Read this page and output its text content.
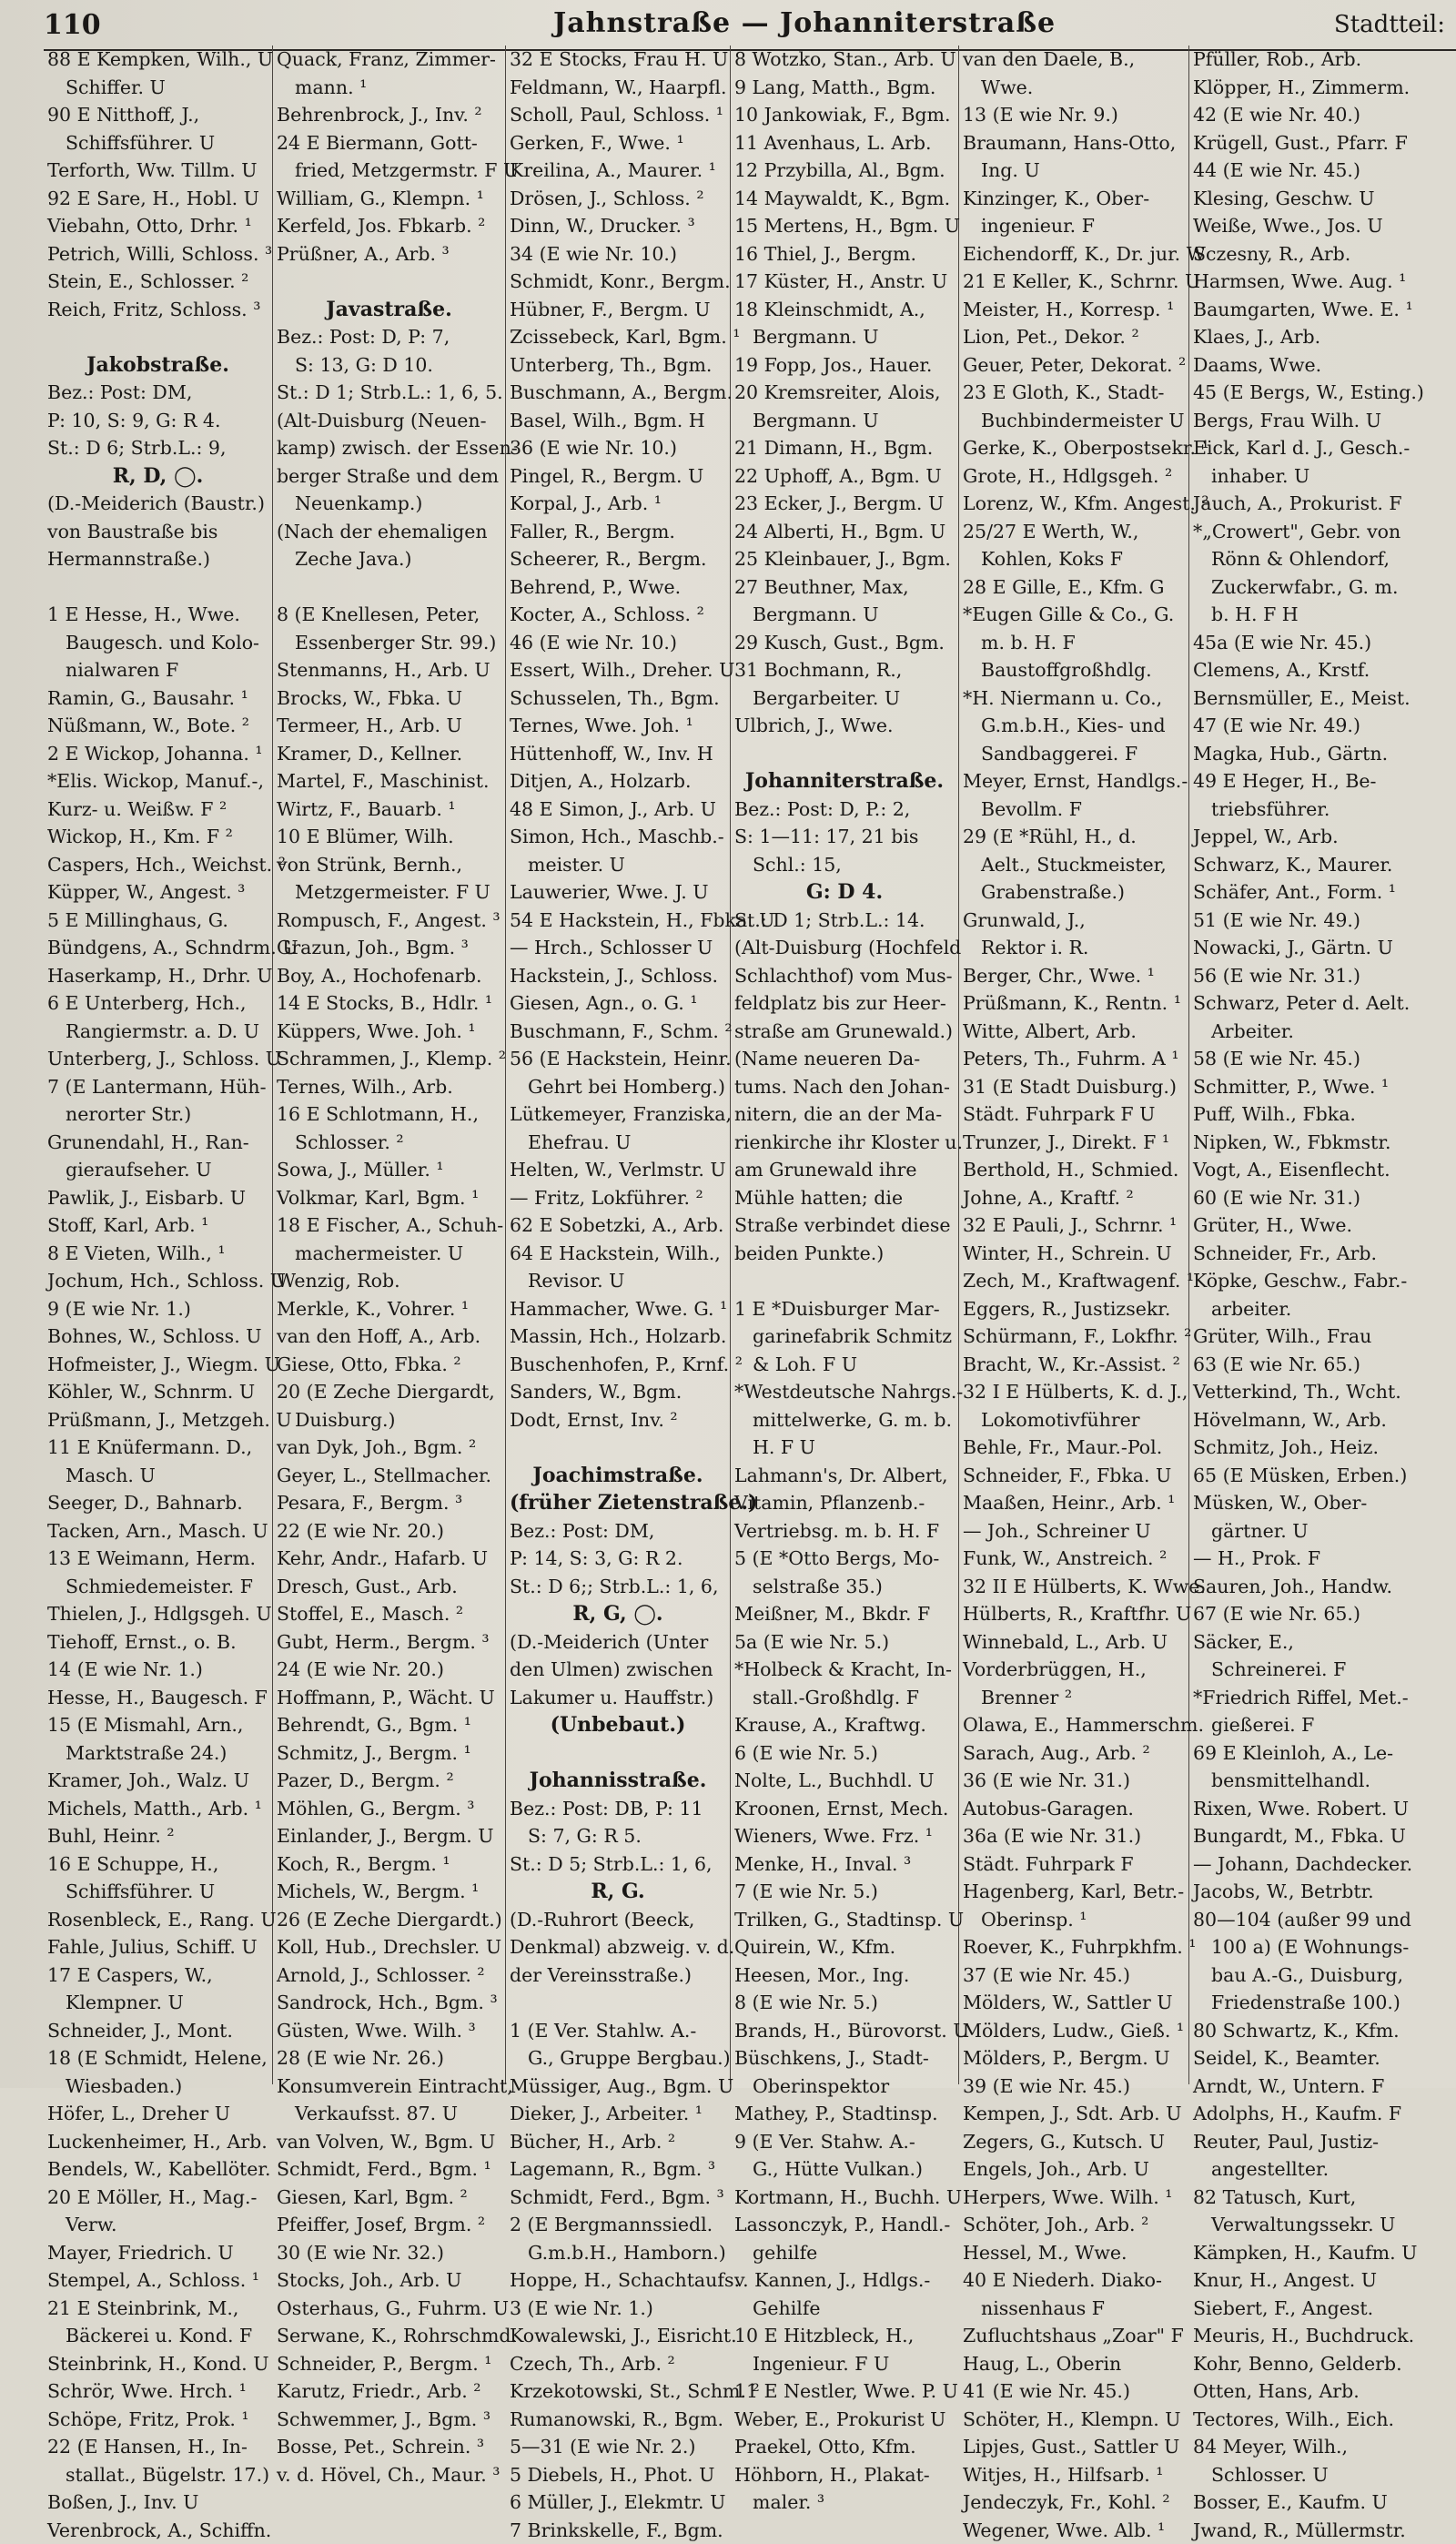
110	Jahnstraße — Johanniterstraße	Stadtteil:
88 E Kempken, Wilh., U
Schiffer. U
90 E Nitthoff, J.,
Schiffsführer. U
Terforth, Ww. Tillm. U
92 E Sare, H., Hobl. U
Viebahn, Otto, Drhr. ¹
Petrich, Willi, Schloss. ³
Stein, E., Schlosser. ²
Reich, Fritz, Schloss. ³
Jakobstraße.
Bez.: Post: DM,
P: 10, S: 9, G: R 4.
St.: D 6; Strb.L.: 9,
R, D, ◯.
(D.-Meiderich (Baustr.)
von Baustraße bis
Hermannstraße.)
1 E Hesse, H., Wwe.
Baugesch. und Kolo-
nialwaren F
Ramin, G., Bausahr. ¹
Nüßmann, W., Bote. ²
2 E Wickop, Johanna. ¹
*Elis. Wickop, Manuf.-,
Kurz- u. Weißw. F ²
Wickop, H., Km. F ²
Caspers, Hch., Weichst. ²
Küpper, W., Angest. ³
5 E Millinghaus, G.
Bündgens, A., Schndrm. U
Haserkamp, H., Drhr. U
6 E Unterberg, Hch.,
Rangiermstr. a. D. U
Unterberg, J., Schloss. U
7 (E Lantermann, Hüh-
nerorter Str.)
Grunendahl, H., Ran-
gieraufseher. U
Pawlik, J., Eisbarb. U
Stoff, Karl, Arb. ¹
8 E Vieten, Wilh., ¹
Jochum, Hch., Schloss. U
9 (E wie Nr. 1.)
Bohnes, W., Schloss. U
Hofmeister, J., Wiegm. U
Köhler, W., Schnrm. U
Prüßmann, J., Metzgeh. U
11 E Knüfermann. D.,
Masch. U
Seeger, D., Bahnarb.
Tacken, Arn., Masch. U
13 E Weimann, Herm.
Schmiedemeister. F
Thielen, J., Hdlgsgeh. U
Tiehoff, Ernst., o. B.
14 (E wie Nr. 1.)
Hesse, H., Baugesch. F
15 (E Mismahl, Arn.,
Marktstraße 24.)
Kramer, Joh., Walz. U
Michels, Matth., Arb. ¹
Buhl, Heinr. ²
16 E Schuppe, H.,
Schiffsführer. U
Rosenbleck, E., Rang. U
Fahle, Julius, Schiff. U
17 E Caspers, W.,
Klempner. U
Schneider, J., Mont.
18 (E Schmidt, Helene,
Wiesbaden.)
Höfer, L., Dreher U
Luckenheimer, H., Arb.
Bendels, W., Kabellöter.
20 E Möller, H., Mag.-
Verw.
Mayer, Friedrich. U
Stempel, A., Schloss. ¹
21 E Steinbrink, M.,
Bäckerei u. Kond. F
Steinbrink, H., Kond. U
Schrör, Wwe. Hrch. ¹
Schöpe, Fritz, Prok. ¹
22 (E Hansen, H., In-
stallat., Bügelstr. 17.)
Boßen, J., Inv. U
Verenbrock, A., Schiffn.
Quack, Franz, Zimmer-
mann. ¹
Behrenbrock, J., Inv. ²
24 E Biermann, Gott-
fried, Metzgermstr. F U
William, G., Klempn. ¹
Kerfeld, Jos. Fbkarb. ²
Prüßner, A., Arb. ³
Javastraße.
Bez.: Post: D, P: 7,
S: 13, G: D 10.
St.: D 1; Strb.L.: 1, 6, 5.
(Alt-Duisburg (Neuen-
kamp) zwisch. der Essen-
berger Straße und dem
Neuenkamp.)
(Nach der ehemaligen
Zeche Java.)
8 (E Knellesen, Peter,
Essenberger Str. 99.)
Stenmanns, H., Arb. U
Brocks, W., Fbka. U
Termeer, H., Arb. U
Kramer, D., Kellner.
Martel, F., Maschinist.
Wirtz, F., Bauarb. ¹
10 E Blümer, Wilh.
von Strünk, Bernh.,
Metzgermeister. F U
Rompusch, F., Angest. ³
Grazun, Joh., Bgm. ³
Boy, A., Hochofenarb.
14 E Stocks, B., Hdlr. ¹
Küppers, Wwe. Joh. ¹
Schrammen, J., Klemp. ²
Ternes, Wilh., Arb.
16 E Schlotmann, H.,
Schlosser. ²
Sowa, J., Müller. ¹
Volkmar, Karl, Bgm. ¹
18 E Fischer, A., Schuh-
machermeister. U
Wenzig, Rob.
Merkle, K., Vohrer. ¹
van den Hoff, A., Arb.
Giese, Otto, Fbka. ²
20 (E Zeche Diergardt,
Duisburg.)
van Dyk, Joh., Bgm. ²
Geyer, L., Stellmacher.
Pesara, F., Bergm. ³
22 (E wie Nr. 20.)
Kehr, Andr., Hafarb. U
Dresch, Gust., Arb.
Stoffel, E., Masch. ²
Gubt, Herm., Bergm. ³
24 (E wie Nr. 20.)
Hoffmann, P., Wächt. U
Behrendt, G., Bgm. ¹
Schmitz, J., Bergm. ¹
Pazer, D., Bergm. ²
Möhlen, G., Bergm. ³
Einlander, J., Bergm. U
Koch, R., Bergm. ¹
Michels, W., Bergm. ¹
26 (E Zeche Diergardt.)
Koll, Hub., Drechsler. U
Arnold, J., Schlosser. ²
Sandrock, Hch., Bgm. ³
Güsten, Wwe. Wilh. ³
28 (E wie Nr. 26.)
Konsumverein Eintracht,
Verkaufsst. 87. U
van Volven, W., Bgm. U
Schmidt, Ferd., Bgm. ¹
Giesen, Karl, Bgm. ²
Pfeiffer, Josef, Brgm. ²
30 (E wie Nr. 32.)
Stocks, Joh., Arb. U
Osterhaus, G., Fuhrm. U
Serwane, K., Rohrschmd.
Schneider, P., Bergm. ¹
Karutz, Friedr., Arb. ²
Schwemmer, J., Bgm. ³
Bosse, Pet., Schrein. ³
v. d. Hövel, Ch., Maur. ³
32 E Stocks, Frau H. U
Feldmann, W., Haarpfl.
Scholl, Paul, Schloss. ¹
Gerken, F., Wwe. ¹
Kreilina, A., Maurer. ¹
Drösen, J., Schloss. ²
Dinn, W., Drucker. ³
34 (E wie Nr. 10.)
Schmidt, Konr., Bergm.
Hübner, F., Bergm. U
Zcissebeck, Karl, Bgm. ¹
Unterberg, Th., Bgm.
Buschmann, A., Bergm.
Basel, Wilh., Bgm. H
36 (E wie Nr. 10.)
Pingel, R., Bergm. U
Korpal, J., Arb. ¹
Faller, R., Bergm.
Scheerer, R., Bergm.
Behrend, P., Wwe.
Kocter, A., Schloss. ²
46 (E wie Nr. 10.)
Essert, Wilh., Dreher. U
Schusselen, Th., Bgm.
Ternes, Wwe. Joh. ¹
Hüttenhoff, W., Inv. H
Ditjen, A., Holzarb.
48 E Simon, J., Arb. U
Simon, Hch., Maschb.-
meister. U
Lauwerier, Wwe. J. U
54 E Hackstein, H., Fbka. U
— Hrch., Schlosser U
Hackstein, J., Schloss.
Giesen, Agn., o. G. ¹
Buschmann, F., Schm. ²
56 (E Hackstein, Heinr.
Gehrt bei Homberg.)
Lütkemeyer, Franziska,
Ehefrau. U
Helten, W., Verlmstr. U
— Fritz, Lokführer. ²
62 E Sobetzki, A., Arb.
64 E Hackstein, Wilh.,
Revisor. U
Hammacher, Wwe. G. ¹
Massin, Hch., Holzarb.
Buschenhofen, P., Krnf. ²
Sanders, W., Bgm.
Dodt, Ernst, Inv. ²
Joachimstraße.
(früher Zietenstraße.)
Bez.: Post: DM,
P: 14, S: 3, G: R 2.
St.: D 6;; Strb.L.: 1, 6,
R, G, ◯.
(D.-Meiderich (Unter
den Ulmen) zwischen
Lakumer u. Hauffstr.)
(Unbebaut.)
Johannisstraße.
Bez.: Post: DB, P: 11
S: 7, G: R 5.
St.: D 5; Strb.L.: 1, 6,
R, G.
(D.-Ruhrort (Beeck,
Denkmal) abzweig. v. d.
der Vereinsstraße.)
1 (E Ver. Stahlw. A.-
G., Gruppe Bergbau.)
Müssiger, Aug., Bgm. U
Dieker, J., Arbeiter. ¹
Bücher, H., Arb. ²
Lagemann, R., Bgm. ³
Schmidt, Ferd., Bgm. ³
2 (E Bergmannssiedl.
G.m.b.H., Hamborn.)
Hoppe, H., Schachtaufs.
3 (E wie Nr. 1.)
Kowalewski, J., Eisricht.
Czech, Th., Arb. ²
Krzekotowski, St., Schm. ²
Rumanowski, R., Bgm.
5—31 (E wie Nr. 2.)
5 Diebels, H., Phot. U
6 Müller, J., Elekmtr. U
7 Brinkskelle, F., Bgm.
8 Wotzko, Stan., Arb. U
9 Lang, Matth., Bgm.
10 Jankowiak, F., Bgm.
11 Avenhaus, L. Arb.
12 Przybilla, Al., Bgm.
14 Maywaldt, K., Bgm.
15 Mertens, H., Bgm. U
16 Thiel, J., Bergm.
17 Küster, H., Anstr. U
18 Kleinschmidt, A.,
Bergmann. U
19 Fopp, Jos., Hauer.
20 Kremsreiter, Alois,
Bergmann. U
21 Dimann, H., Bgm.
22 Uphoff, A., Bgm. U
23 Ecker, J., Bergm. U
24 Alberti, H., Bgm. U
25 Kleinbauer, J., Bgm.
27 Beuthner, Max,
Bergmann. U
29 Kusch, Gust., Bgm.
31 Bochmann, R.,
Bergarbeiter. U
Ulbrich, J., Wwe.
Johanniterstraße.
Bez.: Post: D, P.: 2,
S: 1—11: 17, 21 bis
Schl.: 15,
G: D 4.
St.: D 1; Strb.L.: 14.
(Alt-Duisburg (Hochfeld
Schlachthof) vom Mus-
feldplatz bis zur Heer-
straße am Grunewald.)
(Name neueren Da-
tums. Nach den Johan-
nitern, die an der Ma-
rienkirche ihr Kloster u.
am Grunewald ihre
Mühle hatten; die
Straße verbindet diese
beiden Punkte.)
1 E *Duisburger Mar-
garinefabrik Schmitz
& Loh. F U
*Westdeutsche Nahrgs.-
mittelwerke, G. m. b.
H. F U
Lahmann's, Dr. Albert,
Vitamin, Pflanzenb.-
Vertriebsg. m. b. H. F
5 (E *Otto Bergs, Mo-
selstraße 35.)
Meißner, M., Bkdr. F
5a (E wie Nr. 5.)
*Holbeck & Kracht, In-
stall.-Großhdlg. F
Krause, A., Kraftwg.
6 (E wie Nr. 5.)
Nolte, L., Buchhdl. U
Kroonen, Ernst, Mech.
Wieners, Wwe. Frz. ¹
Menke, H., Inval. ³
7 (E wie Nr. 5.)
Trilken, G., Stadtinsp. U
Quirein, W., Kfm.
Heesen, Mor., Ing.
8 (E wie Nr. 5.)
Brands, H., Bürovorst. U
Büschkens, J., Stadt-
Oberinspektor
Mathey, P., Stadtinsp.
9 (E Ver. Stahw. A.-
G., Hütte Vulkan.)
Kortmann, H., Buchh. U
Lassonczyk, P., Handl.-
gehilfe
v. Kannen, J., Hdlgs.-
Gehilfe
10 E Hitzbleck, H.,
Ingenieur. F U
11 E Nestler, Wwe. P. U
Weber, E., Prokurist U
Praekel, Otto, Kfm.
Höhborn, H., Plakat-
maler. ³
van den Daele, B.,
Wwe.
13 (E wie Nr. 9.)
Braumann, Hans-Otto,
Ing. U
Kinzinger, K., Ober-
ingenieur. F
Eichendorff, K., Dr. jur. W
21 E Keller, K., Schrnr. U
Meister, H., Korresp. ¹
Lion, Pet., Dekor. ²
Geuer, Peter, Dekorat. ²
23 E Gloth, K., Stadt-
Buchbindermeister U
Gerke, K., Oberpostsekr. ¹
Grote, H., Hdlgsgeh. ²
Lorenz, W., Kfm. Angest. ²
25/27 E Werth, W.,
Kohlen, Koks F
28 E Gille, E., Kfm. G
*Eugen Gille & Co., G.
m. b. H. F
Baustoffgroßhdlg.
*H. Niermann u. Co.,
G.m.b.H., Kies- und
Sandbaggerei. F
Meyer, Ernst, Handlgs.-
Bevollm. F
29 (E *Rühl, H., d.
Aelt., Stuckmeister,
Grabenstraße.)
Grunwald, J.,
Rektor i. R.
Berger, Chr., Wwe. ¹
Prüßmann, K., Rentn. ¹
Witte, Albert, Arb.
Peters, Th., Fuhrm. A ¹
31 (E Stadt Duisburg.)
Städt. Fuhrpark F U
Trunzer, J., Direkt. F ¹
Berthold, H., Schmied.
Johne, A., Kraftf. ²
32 E Pauli, J., Schrnr. ¹
Winter, H., Schrein. U
Zech, M., Kraftwagenf. ¹
Eggers, R., Justizsekr.
Schürmann, F., Lokfhr. ²
Bracht, W., Kr.-Assist. ²
32 I E Hülberts, K. d. J.,
Lokomotivführer
Behle, Fr., Maur.-Pol.
Schneider, F., Fbka. U
Maaßen, Heinr., Arb. ¹
— Joh., Schreiner U
Funk, W., Anstreich. ²
32 II E Hülberts, K. Wwe.
Hülberts, R., Kraftfhr. U
Winnebald, L., Arb. U
Vorderbrüggen, H.,
Brenner ²
Olawa, E., Hammerschm.
Sarach, Aug., Arb. ²
36 (E wie Nr. 31.)
Autobus-Garagen.
36a (E wie Nr. 31.)
Städt. Fuhrpark F
Hagenberg, Karl, Betr.-
Oberinsp. ¹
Roever, K., Fuhrpkhfm. ¹
37 (E wie Nr. 45.)
Mölders, W., Sattler U
Mölders, Ludw., Gieß. ¹
Mölders, P., Bergm. U
39 (E wie Nr. 45.)
Kempen, J., Sdt. Arb. U
Zegers, G., Kutsch. U
Engels, Joh., Arb. U
Herpers, Wwe. Wilh. ¹
Schöter, Joh., Arb. ²
Hessel, M., Wwe.
40 E Niederh. Diako-
nissenhaus F
Zufluchtshaus „Zoar" F
Haug, L., Oberin
41 (E wie Nr. 45.)
Schöter, H., Klempn. U
Lipjes, Gust., Sattler U
Witjes, H., Hilfsarb. ¹
Jendeczyk, Fr., Kohl. ²
Wegener, Wwe. Alb. ¹
Pfüller, Rob., Arb.
Klöpper, H., Zimmerm.
42 (E wie Nr. 40.)
Krügell, Gust., Pfarr. F
44 (E wie Nr. 45.)
Klesing, Geschw. U
Weiße, Wwe., Jos. U
Sczesny, R., Arb.
Harmsen, Wwe. Aug. ¹
Baumgarten, Wwe. E. ¹
Klaes, J., Arb.
Daams, Wwe.
45 (E Bergs, W., Esting.)
Bergs, Frau Wilh. U
Eick, Karl d. J., Gesch.-
inhaber. U
Jauch, A., Prokurist. F
*„Crowert", Gebr. von
Rönn & Ohlendorf,
Zuckerwfabr., G. m.
b. H. F H
45a (E wie Nr. 45.)
Clemens, A., Krstf.
Bernsmüller, E., Meist.
47 (E wie Nr. 49.)
Magka, Hub., Gärtn.
49 E Heger, H., Be-
triebsführer.
Jeppel, W., Arb.
Schwarz, K., Maurer.
Schäfer, Ant., Form. ¹
51 (E wie Nr. 49.)
Nowacki, J., Gärtn. U
56 (E wie Nr. 31.)
Schwarz, Peter d. Aelt.
Arbeiter.
58 (E wie Nr. 45.)
Schmitter, P., Wwe. ¹
Puff, Wilh., Fbka.
Nipken, W., Fbkmstr.
Vogt, A., Eisenflecht.
60 (E wie Nr. 31.)
Grüter, H., Wwe.
Schneider, Fr., Arb.
Köpke, Geschw., Fabr.-
arbeiter.
Grüter, Wilh., Frau
63 (E wie Nr. 65.)
Vetterkind, Th., Wcht.
Hövelmann, W., Arb.
Schmitz, Joh., Heiz.
65 (E Müsken, Erben.)
Müsken, W., Ober-
gärtner. U
— H., Prok. F
Sauren, Joh., Handw.
67 (E wie Nr. 65.)
Säcker, E.,
Schreinerei. F
*Friedrich Riffel, Met.-
gießerei. F
69 E Kleinloh, A., Le-
bensmittelhandl.
Rixen, Wwe. Robert. U
Bungardt, M., Fbka. U
— Johann, Dachdecker.
Jacobs, W., Betrbtr.
80—104 (außer 99 und
100 a) (E Wohnungs-
bau A.-G., Duisburg,
Friedenstraße 100.)
80 Schwartz, K., Kfm.
Seidel, K., Beamter.
Arndt, W., Untern. F
Adolphs, H., Kaufm. F
Reuter, Paul, Justiz-
angestellter.
82 Tatusch, Kurt,
Verwaltungssekr. U
Kämpken, H., Kaufm. U
Knur, H., Angest. U
Siebert, F., Angest.
Meuris, H., Buchdruck.
Kohr, Benno, Gelderb.
Otten, Hans, Arb.
Tectores, Wilh., Eich.
84 Meyer, Wilh.,
Schlosser. U
Bosser, E., Kaufm. U
Jwand, R., Müllermstr.
